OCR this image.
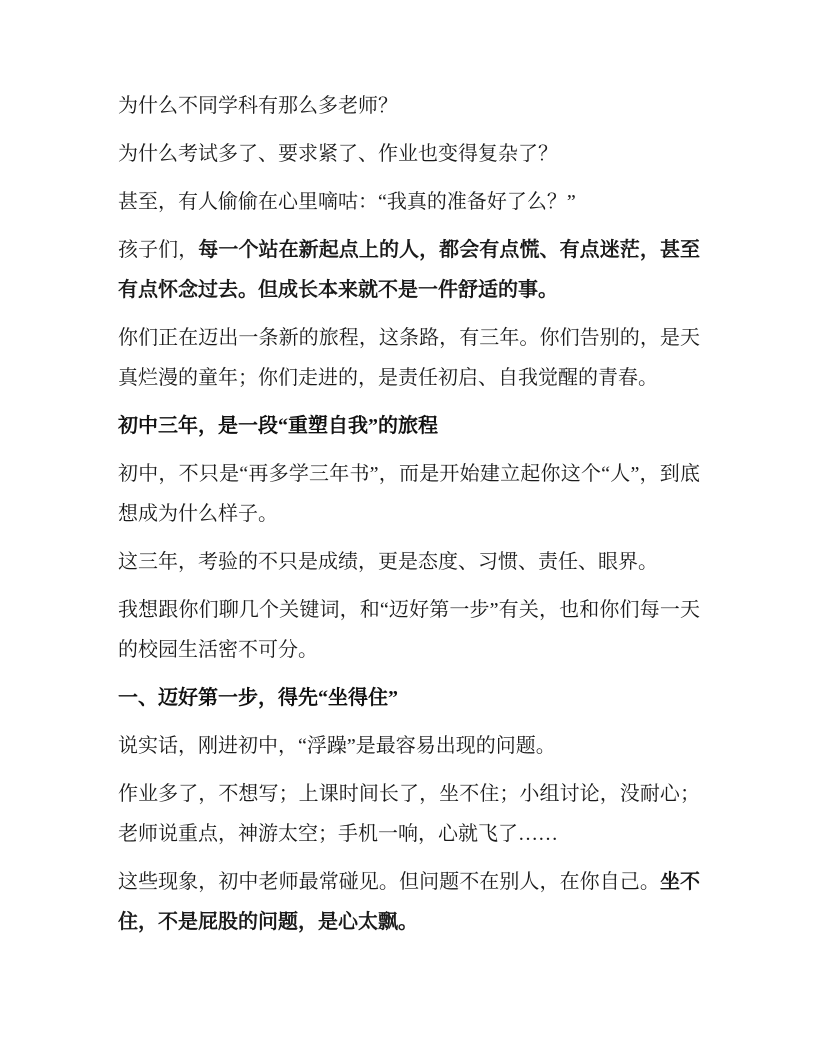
为什么不同学科有那么多老师？

为什么考试多了、要求紧了、作业也变得复杂了？

甚至，有人偷偷在心里嘀咕：“我真的准备好了么？”

孩子们，每一个站在新起点上的人，都会有点慌、有点迷茫，甚至有点怀念过去。但成长本来就不是一件舒适的事。

你们正在迈出一条新的旅程，这条路，有三年。你们告别的，是天真烂漫的童年；你们走进的，是责任初启、自我觉醒的青春。

初中三年，是一段“重塑自我”的旅程

初中，不只是“再多学三年书”，而是开始建立起你这个“人”，到底想成为什么样子。

这三年，考验的不只是成绩，更是态度、习惯、责任、眼界。

我想跟你们聊几个关键词，和“迈好第一步”有关，也和你们每一天的校园生活密不可分。

一、迈好第一步，得先“坐得住”

说实话，刚进初中，“浮躁”是最容易出现的问题。

作业多了，不想写；上课时间长了，坐不住；小组讨论，没耐心；老师说重点，神游太空；手机一响，心就飞了……

这些现象，初中老师最常碰见。但问题不在别人，在你自己。坐不住，不是屁股的问题，是心太飘。
